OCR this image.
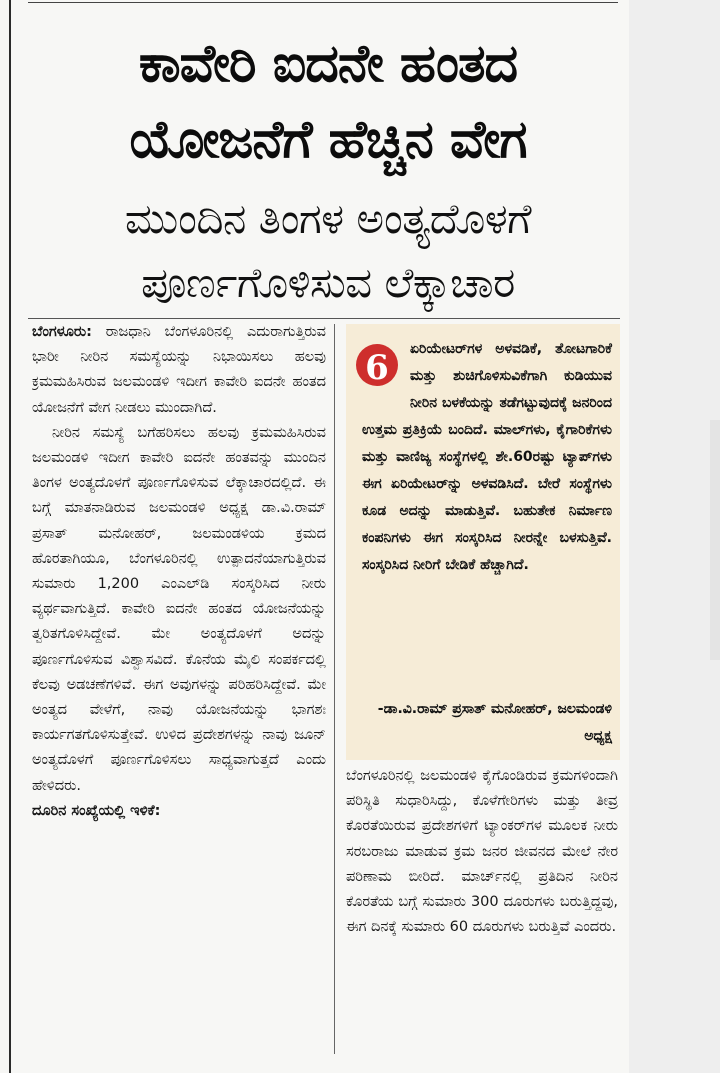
ಕಾವೇರಿ ಐದನೇ ಹಂತದ
ಯೋಜನೆಗೆ ಹೆಚ್ಚಿನ ವೇಗ
ಮುಂದಿನ ತಿಂಗಳ ಅಂತ್ಯದೊಳಗೆ
ಪೂರ್ಣಗೊಳಿಸುವ ಲೆಕ್ಕಾಚಾರ

ಬೆಂಗಳೂರು: ರಾಜಧಾನಿ ಬೆಂಗಳೂರಿನಲ್ಲಿ ಎದುರಾಗುತ್ತಿರುವ ಭಾರೀ ನೀರಿನ ಸಮಸ್ಯೆಯನ್ನು ನಿಭಾಯಿಸಲು ಹಲವು ಕ್ರಮಮಹಿಸಿರುವ ಜಲಮಂಡಳಿ ಇದೀಗ ಕಾವೇರಿ ಐದನೇ ಹಂತದ ಯೋಜನೆಗೆ ವೇಗ ನೀಡಲು ಮುಂದಾಗಿದೆ.

ನೀರಿನ ಸಮಸ್ಯೆ ಬಗೆಹರಿಸಲು ಹಲವು ಕ್ರಮಮಹಿಸಿರುವ ಜಲಮಂಡಳಿ ಇದೀಗ ಕಾವೇರಿ ಐದನೇ ಹಂತವನ್ನು ಮುಂದಿನ ತಿಂಗಳ ಅಂತ್ಯದೊಳಗೆ ಪೂರ್ಣಗೊಳಿಸುವ ಲೆಕ್ಕಾಚಾರದಲ್ಲಿದೆ. ಈ ಬಗ್ಗೆ ಮಾತನಾಡಿರುವ ಜಲಮಂಡಳಿ ಅಧ್ಯಕ್ಷ ಡಾ.ವಿ.ರಾಮ್ ಪ್ರಸಾತ್ ಮನೋಹರ್, ಜಲಮಂಡಳಿಯ ಕ್ರಮದ ಹೊರತಾಗಿಯೂ, ಬೆಂಗಳೂರಿನಲ್ಲಿ ಉತ್ಪಾದನೆಯಾಗುತ್ತಿರುವ ಸುಮಾರು 1,200 ಎಂಎಲ್‌ಡಿ ಸಂಸ್ಕರಿಸಿದ ನೀರು ವ್ಯರ್ಥವಾಗುತ್ತಿದೆ. ಕಾವೇರಿ ಐದನೇ ಹಂತದ ಯೋಜನೆಯನ್ನು ತ್ವರಿತಗೊಳಿಸಿದ್ದೇವೆ. ಮೇ ಅಂತ್ಯದೊಳಗೆ ಅದನ್ನು ಪೂರ್ಣಗೊಳಿಸುವ ವಿಶ್ವಾಸವಿದೆ. ಕೊನೆಯ ಮೈಲಿ ಸಂಪರ್ಕದಲ್ಲಿ ಕೆಲವು ಅಡಚಣೆಗಳಿವೆ. ಈಗ ಅವುಗಳನ್ನು ಪರಿಹರಿಸಿದ್ದೇವೆ. ಮೇ ಅಂತ್ಯದ ವೇಳೆಗೆ, ನಾವು ಯೋಜನೆಯನ್ನು ಭಾಗಶಃ ಕಾರ್ಯಗತಗೊಳಿಸುತ್ತೇವೆ. ಉಳಿದ ಪ್ರದೇಶಗಳನ್ನು ನಾವು ಜೂನ್ ಅಂತ್ಯದೊಳಗೆ ಪೂರ್ಣಗೊಳಿಸಲು ಸಾಧ್ಯವಾಗುತ್ತದೆ ಎಂದು ಹೇಳಿದರು.

ದೂರಿನ ಸಂಖ್ಯೆಯಲ್ಲಿ ಇಳಿಕೆ:

6	ಏರಿಯೇಟರ್‌ಗಳ ಅಳವಡಿಕೆ, ತೋಟಗಾರಿಕೆ ಮತ್ತು ಶುಚಿಗೊಳಿಸುವಿಕೆಗಾಗಿ ಕುಡಿಯುವ ನೀರಿನ ಬಳಕೆಯನ್ನು ತಡೆಗಟ್ಟುವುದಕ್ಕೆ ಜನರಿಂದ ಉತ್ತಮ ಪ್ರತಿಕ್ರಿಯೆ ಬಂದಿದೆ. ಮಾಲ್‌ಗಳು, ಕೈಗಾರಿಕೆಗಳು ಮತ್ತು ವಾಣಿಜ್ಯ ಸಂಸ್ಥೆಗಳಲ್ಲಿ ಶೇ.60ರಷ್ಟು ಟ್ಯಾಪ್‌ಗಳು ಈಗ ಏರಿಯೇಟರ್‌ನ್ನು ಅಳವಡಿಸಿದೆ. ಬೇರೆ ಸಂಸ್ಥೆಗಳು ಕೂಡ ಅದನ್ನು ಮಾಡುತ್ತಿವೆ. ಬಹುತೇಕ ನಿರ್ಮಾಣ ಕಂಪನಿಗಳು ಈಗ ಸಂಸ್ಕರಿಸಿದ ನೀರನ್ನೇ ಬಳಸುತ್ತಿವೆ. ಸಂಸ್ಕರಿಸಿದ ನೀರಿಗೆ ಬೇಡಿಕೆ ಹೆಚ್ಚಾಗಿದೆ.
-ಡಾ.ವಿ.ರಾಮ್ ಪ್ರಸಾತ್ ಮನೋಹರ್, ಜಲಮಂಡಳಿ ಅಧ್ಯಕ್ಷ

ಬೆಂಗಳೂರಿನಲ್ಲಿ ಜಲಮಂಡಳಿ ಕೈಗೊಂಡಿರುವ ಕ್ರಮಗಳಿಂದಾಗಿ ಪರಿಸ್ಥಿತಿ ಸುಧಾರಿಸಿದ್ದು, ಕೊಳೆಗೇರಿಗಳು ಮತ್ತು ತೀವ್ರ ಕೊರತೆಯಿರುವ ಪ್ರದೇಶಗಳಿಗೆ ಟ್ಯಾಂಕರ್‌ಗಳ ಮೂಲಕ ನೀರು ಸರಬರಾಜು ಮಾಡುವ ಕ್ರಮ ಜನರ ಜೀವನದ ಮೇಲೆ ನೇರ ಪರಿಣಾಮ ಬೀರಿದೆ. ಮಾರ್ಚ್‌ನಲ್ಲಿ ಪ್ರತಿದಿನ ನೀರಿನ ಕೊರತೆಯ ಬಗ್ಗೆ ಸುಮಾರು 300 ದೂರುಗಳು ಬರುತ್ತಿದ್ದವು, ಈಗ ದಿನಕ್ಕೆ ಸುಮಾರು 60 ದೂರುಗಳು ಬರುತ್ತಿವೆ ಎಂದರು.
